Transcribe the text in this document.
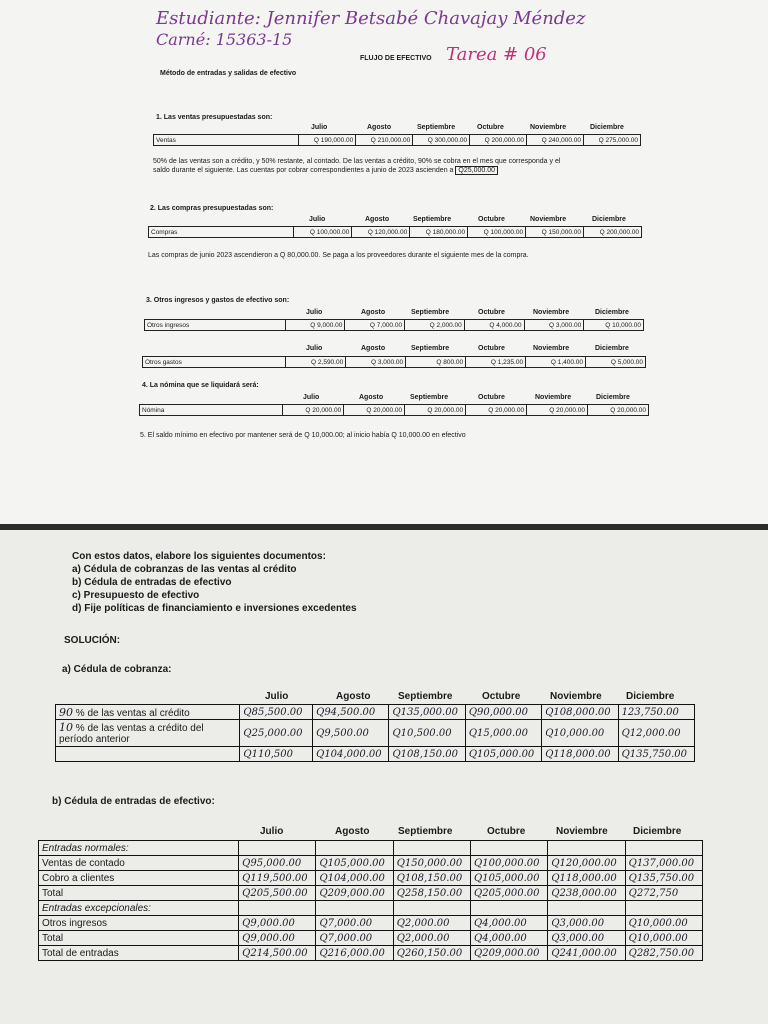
Estudiante: Jennifer Betsabé Chavajay Méndez
Carné: 15363-15
FLUJO DE EFECTIVO Tarea # 06
Método de entradas y salidas de efectivo
1. Las ventas presupuestadas son:
Julio	Agosto	Septiembre	Octubre	Noviembre	Diciembre
Ventas	Q 190,000.00	Q 210,000.00	Q 300,000.00	Q 200,000.00	Q 240,000.00	Q 275,000.00
50% de las ventas son a crédito, y 50% restante, al contado. De las ventas a crédito, 90% se cobra en el mes que corresponda y el saldo durante el siguiente. Las cuentas por cobrar correspondientes a junio de 2023 ascienden a Q25,000.00
2. Las compras presupuestadas son:
Julio	Agosto	Septiembre	Octubre	Noviembre	Diciembre
Compras	Q 100,000.00	Q 120,000.00	Q 180,000.00	Q 100,000.00	Q 150,000.00	Q 200,000.00
Las compras de junio 2023 ascendieron a Q 80,000.00. Se paga a los proveedores durante el siguiente mes de la compra.
3. Otros ingresos y gastos de efectivo son:
Julio	Agosto	Septiembre	Octubre	Noviembre	Diciembre
Otros ingresos	Q 9,000.00	Q 7,000.00	Q 2,000.00	Q 4,000.00	Q 3,000.00	Q 10,000.00
Julio	Agosto	Septiembre	Octubre	Noviembre	Diciembre
Otros gastos	Q 2,590.00	Q 3,000.00	Q 800.00	Q 1,235.00	Q 1,400.00	Q 5,000.00
4. La nómina que se liquidará será:
Julio	Agosto	Septiembre	Octubre	Noviembre	Diciembre
Nómina	Q 20,000.00	Q 20,000.00	Q 20,000.00	Q 20,000.00	Q 20,000.00	Q 20,000.00
5. El saldo mínimo en efectivo por mantener será de Q 10,000.00; al inicio había Q 10,000.00 en efectivo
Con estos datos, elabore los siguientes documentos:
a) Cédula de cobranzas de las ventas al crédito
b) Cédula de entradas de efectivo
c) Presupuesto de efectivo
d) Fije políticas de financiamiento e inversiones excedentes
SOLUCIÓN:
a) Cédula de cobranza:
Julio	Agosto	Septiembre	Octubre	Noviembre Diciembre
90 % de las ventas al crédito	Q85,500.00	Q94,500.00	Q135,000.00	Q90,000.00	Q108,000.00	123,750.00
10 % de las ventas a crédito del período anterior	Q25,000.00	Q9,500.00	Q10,500.00	Q15,000.00	Q10,000.00	Q12,000.00
	Q110,500	Q104,000.00	Q108,150.00	Q105,000.00	Q118,000.00	Q135,750.00
b) Cédula de entradas de efectivo:
Julio	Agosto	Septiembre	Octubre	Noviembre	Diciembre
Entradas normales:						
Ventas de contado	Q95,000.00	Q105,000.00	Q150,000.00	Q100,000.00	Q120,000.00	Q137,000.00
Cobro a clientes	Q119,500.00	Q104,000.00	Q108,150.00	Q105,000.00	Q118,000.00	Q135,750.00
Total	Q205,500.00	Q209,000.00	Q258,150.00	Q205,000.00	Q238,000.00	Q272,750
Entradas excepcionales:						
Otros ingresos	Q9,000.00	Q7,000.00	Q2,000.00	Q4,000.00	Q3,000.00	Q10,000.00
Total	Q9,000.00	Q7,000.00	Q2,000.00	Q4,000.00	Q3,000.00	Q10,000.00
Total de entradas	Q214,500.00	Q216,000.00	Q260,150.00	Q209,000.00	Q241,000.00	Q282,750.00
